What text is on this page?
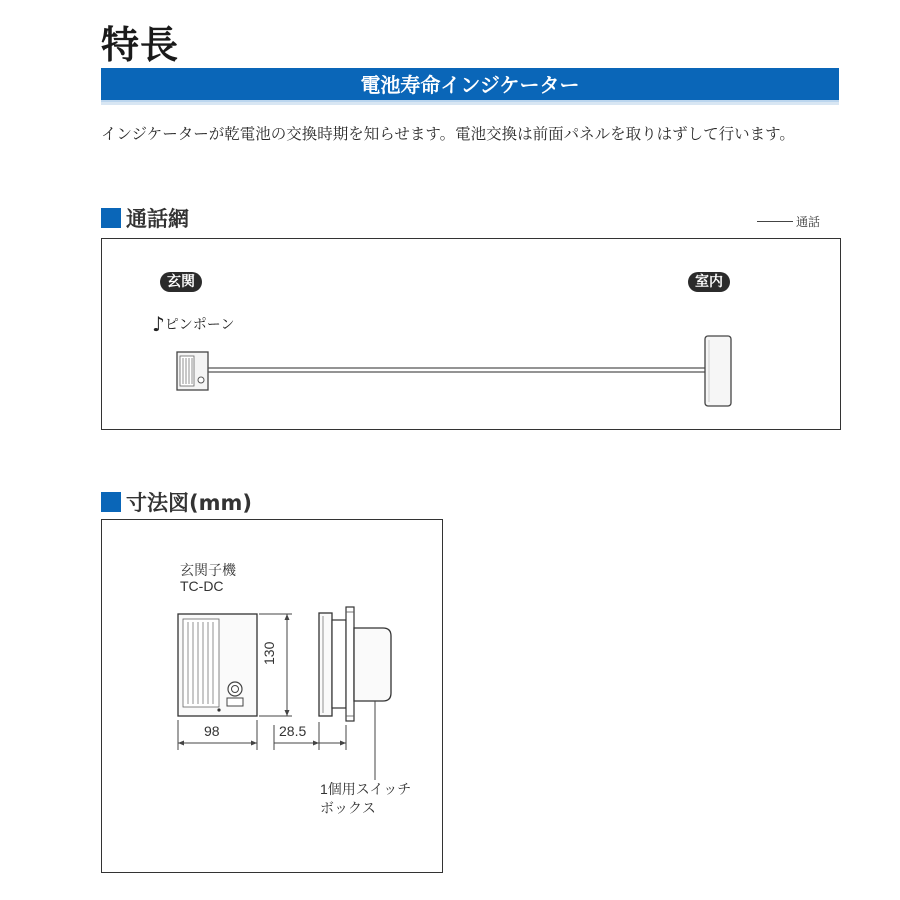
特長
電池寿命インジケーター
インジケーターが乾電池の交換時期を知らせます。電池交換は前面パネルを取りはずして行います。
通話網	通話
玄関	室内
♪ピンポーン
寸法図(mm)
玄関子機
TC-DC
98	28.5
130
1個用スイッチ
ボックス
